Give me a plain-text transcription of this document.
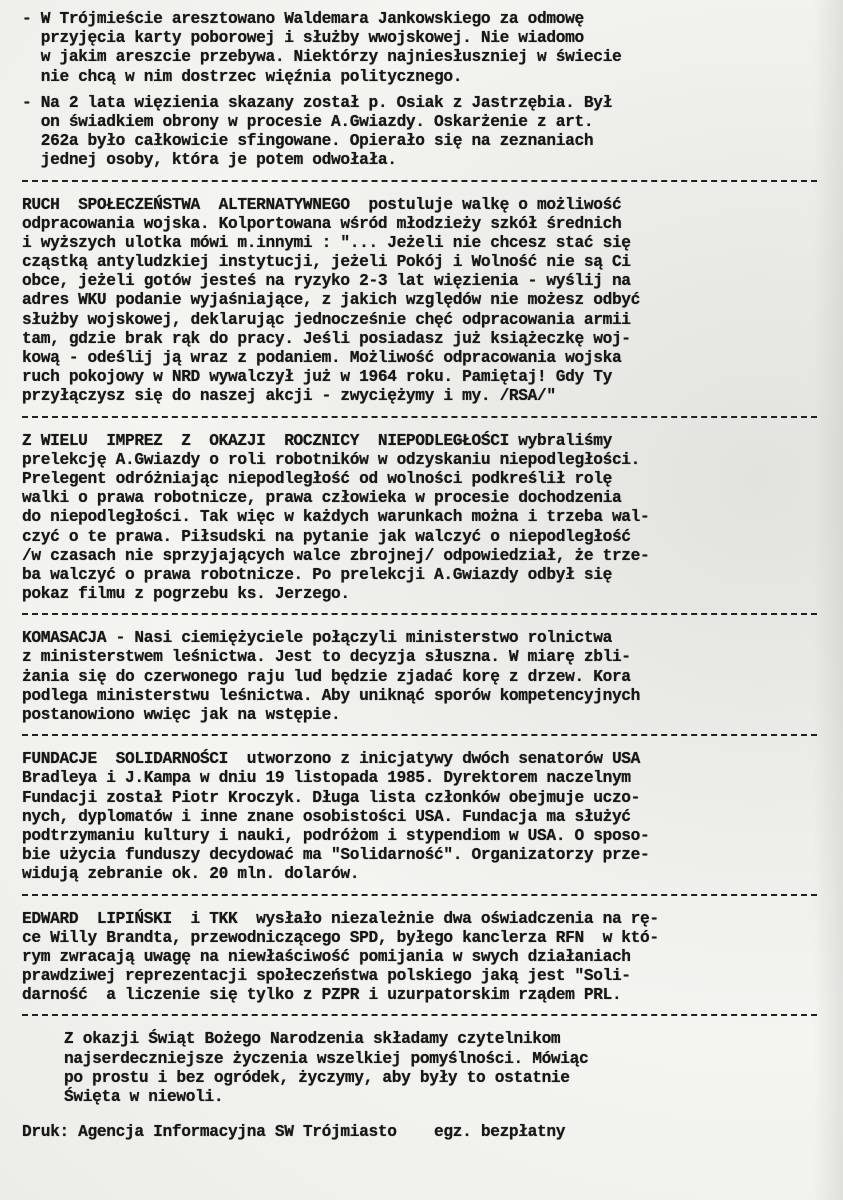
- W Trójmieście aresztowano Waldemara Jankowskiego za odmowę
przyjęcia karty poborowej i służby wwojskowej. Nie wiadomo
w jakim areszcie przebywa. Niektórzy najniesłuszniej w świecie
nie chcą w nim dostrzec więźnia politycznego.
- Na 2 lata więzienia skazany został p. Osiak z Jastrzębia. Był
on świadkiem obrony w procesie A.Gwiazdy. Oskarżenie z art.
262a było całkowicie sfingowane. Opierało się na zeznaniach
jednej osoby, która je potem odwołała.
RUCH  SPOŁECZEŃSTWA  ALTERNATYWNEGO  postuluje walkę o możliwość
odpracowania wojska. Kolportowana wśród młodzieży szkół średnich
i wyższych ulotka mówi m.innymi : "... Jeżeli nie chcesz stać się
cząstką antyludzkiej instytucji, jeżeli Pokój i Wolność nie są Ci
obce, jeżeli gotów jesteś na ryzyko 2-3 lat więzienia - wyślij na
adres WKU podanie wyjaśniające, z jakich względów nie możesz odbyć
służby wojskowej, deklarując jednocześnie chęć odpracowania armii
tam, gdzie brak rąk do pracy. Jeśli posiadasz już książeczkę woj-
kową - odeślij ją wraz z podaniem. Możliwość odpracowania wojska
ruch pokojowy w NRD wywalczył już w 1964 roku. Pamiętaj! Gdy Ty
przyłączysz się do naszej akcji - zwyciężymy i my. /RSA/"
Z WIELU  IMPREZ  Z  OKAZJI  ROCZNICY  NIEPODLEGŁOŚCI wybraliśmy
prelekcję A.Gwiazdy o roli robotników w odzyskaniu niepodległości.
Prelegent odróżniając niepodległość od wolności podkreślił rolę
walki o prawa robotnicze, prawa człowieka w procesie dochodzenia
do niepodległości. Tak więc w każdych warunkach można i trzeba wal-
czyć o te prawa. Piłsudski na pytanie jak walczyć o niepodległość
/w czasach nie sprzyjających walce zbrojnej/ odpowiedział, że trze-
ba walczyć o prawa robotnicze. Po prelekcji A.Gwiazdy odbył się
pokaz filmu z pogrzebu ks. Jerzego.
KOMASACJA - Nasi ciemiężyciele połączyli ministerstwo rolnictwa
z ministerstwem leśnictwa. Jest to decyzja słuszna. W miarę zbli-
żania się do czerwonego raju lud będzie zjadać korę z drzew. Kora
podlega ministerstwu leśnictwa. Aby uniknąć sporów kompetencyjnych
postanowiono wwięc jak na wstępie.
FUNDACJE  SOLIDARNOŚCI  utworzono z inicjatywy dwóch senatorów USA
Bradleya i J.Kampa w dniu 19 listopada 1985. Dyrektorem naczelnym
Fundacji został Piotr Kroczyk. Długa lista członków obejmuje uczo-
nych, dyplomatów i inne znane osobistości USA. Fundacja ma służyć
podtrzymaniu kultury i nauki, podróżom i stypendiom w USA. O sposo-
bie użycia funduszy decydować ma "Solidarność". Organizatorzy prze-
widują zebranie ok. 20 mln. dolarów.
EDWARD  LIPIŃSKI  i TKK  wysłało niezależnie dwa oświadczenia na rę-
ce Willy Brandta, przewodniczącego SPD, byłego kanclerza RFN  w któ-
rym zwracają uwagę na niewłaściwość pomijania w swych działaniach
prawdziwej reprezentacji społeczeństwa polskiego jaką jest "Soli-
darność  a liczenie się tylko z PZPR i uzurpatorskim rządem PRL.
Z okazji Świąt Bożego Narodzenia składamy czytelnikom
najserdeczniejsze życzenia wszelkiej pomyślności. Mówiąc
po prostu i bez ogródek, życzymy, aby były to ostatnie
Święta w niewoli.
Druk: Agencja Informacyjna SW Trójmiasto    egz. bezpłatny
